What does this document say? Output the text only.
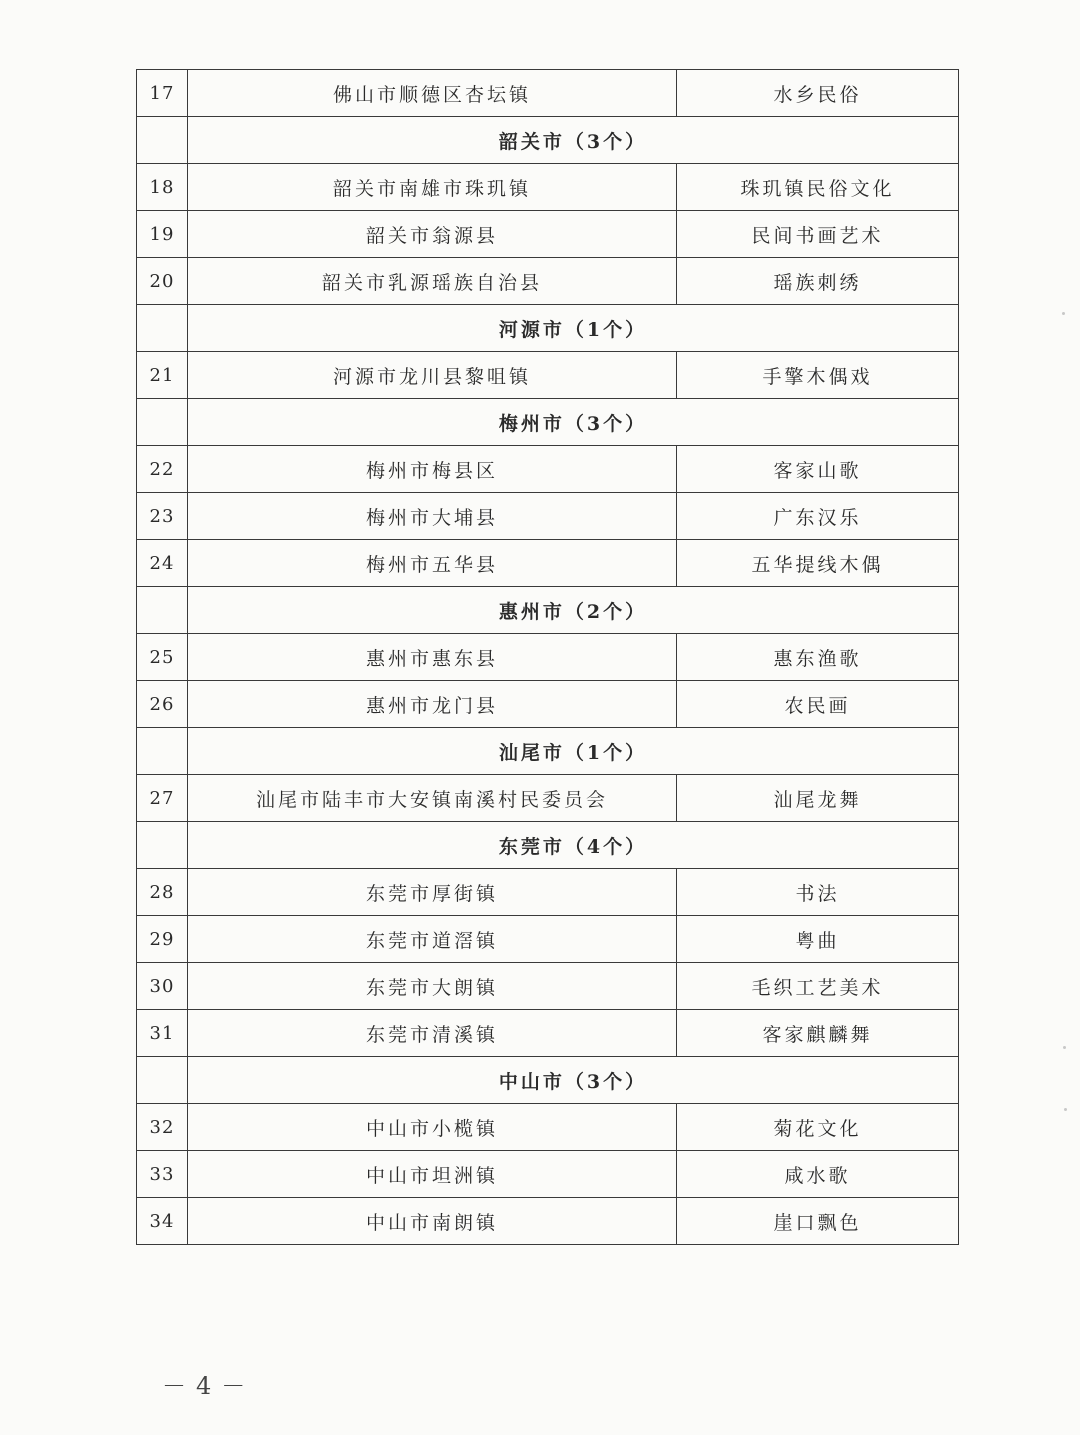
17	佛山市顺德区杏坛镇	水乡民俗
	韶关市（3个）	
18	韶关市南雄市珠玑镇	珠玑镇民俗文化
19	韶关市翁源县	民间书画艺术
20	韶关市乳源瑶族自治县	瑶族刺绣
	河源市（1个）	
21	河源市龙川县黎咀镇	手擎木偶戏
	梅州市（3个）	
22	梅州市梅县区	客家山歌
23	梅州市大埔县	广东汉乐
24	梅州市五华县	五华提线木偶
	惠州市（2个）	
25	惠州市惠东县	惠东渔歌
26	惠州市龙门县	农民画
	汕尾市（1个）	
27	汕尾市陆丰市大安镇南溪村民委员会	汕尾龙舞
	东莞市（4个）	
28	东莞市厚街镇	书法
29	东莞市道滘镇	粤曲
30	东莞市大朗镇	毛织工艺美术
31	东莞市清溪镇	客家麒麟舞
	中山市（3个）	
32	中山市小榄镇	菊花文化
33	中山市坦洲镇	咸水歌
34	中山市南朗镇	崖口飘色
－4－
